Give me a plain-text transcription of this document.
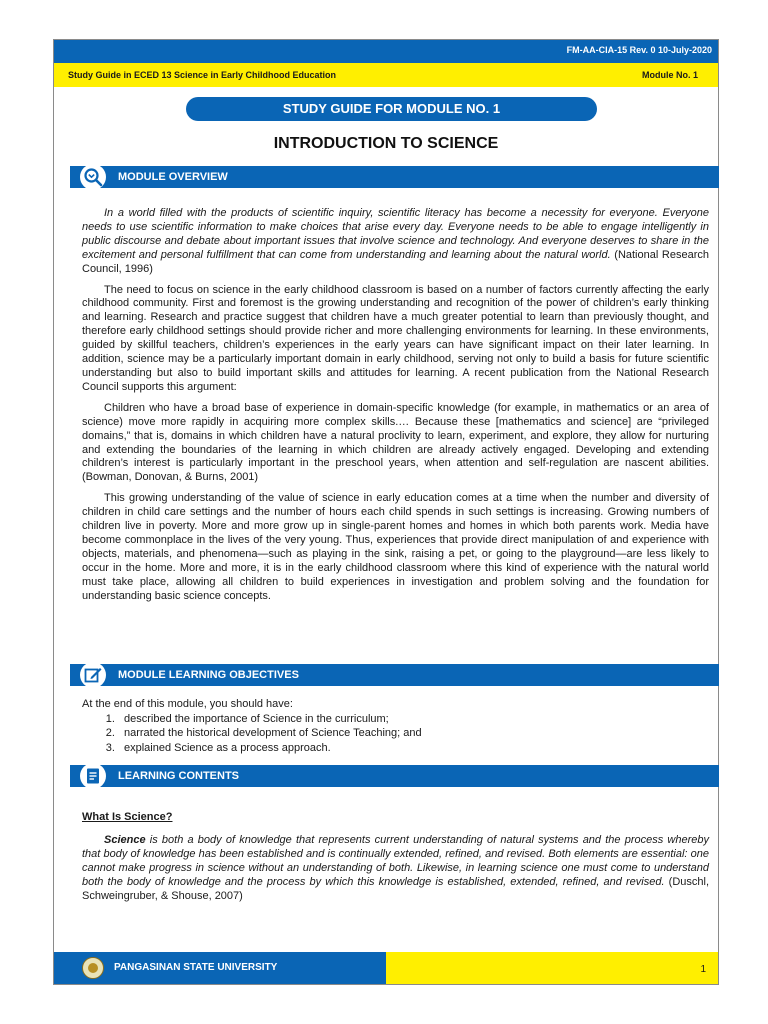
FM-AA-CIA-15 Rev. 0 10-July-2020
Study Guide in ECED 13 Science in Early Childhood Education	Module No. 1
STUDY GUIDE FOR MODULE NO. 1
INTRODUCTION TO SCIENCE
MODULE OVERVIEW

In a world filled with the products of scientific inquiry, scientific literacy has become a necessity for everyone. Everyone needs to use scientific information to make choices that arise every day. Everyone needs to be able to engage intelligently in public discourse and debate about important issues that involve science and technology. And everyone deserves to share in the excitement and personal fulfillment that can come from understanding and learning about the natural world. (National Research Council, 1996)

The need to focus on science in the early childhood classroom is based on a number of factors currently affecting the early childhood community. First and foremost is the growing understanding and recognition of the power of children’s early thinking and learning. Research and practice suggest that children have a much greater potential to learn than previously thought, and therefore early childhood settings should provide richer and more challenging environments for learning. In these environments, guided by skillful teachers, children’s experiences in the early years can have significant impact on their later learning. In addition, science may be a particularly important domain in early childhood, serving not only to build a basis for future scientific understanding but also to build important skills and attitudes for learning. A recent publication from the National Research Council supports this argument:

Children who have a broad base of experience in domain-specific knowledge (for example, in mathematics or an area of science) move more rapidly in acquiring more complex skills.… Because these [mathematics and science] are “privileged domains,” that is, domains in which children have a natural proclivity to learn, experiment, and explore, they allow for nurturing and extending the boundaries of the learning in which children are already actively engaged. Developing and extending children’s interest is particularly important in the preschool years, when attention and self-regulation are nascent abilities. (Bowman, Donovan, & Burns, 2001)

This growing understanding of the value of science in early education comes at a time when the number and diversity of children in child care settings and the number of hours each child spends in such settings is increasing. Growing numbers of children live in poverty. More and more grow up in single-parent homes and homes in which both parents work. Media have become commonplace in the lives of the very young. Thus, experiences that provide direct manipulation of and experience with objects, materials, and phenomena—such as playing in the sink, raising a pet, or going to the playground—are less likely to occur in the home. More and more, it is in the early childhood classroom where this kind of experience with the natural world must take place, allowing all children to build experiences in investigation and problem solving and the foundation for understanding basic science concepts.

MODULE LEARNING OBJECTIVES
At the end of this module, you should have:
1. described the importance of Science in the curriculum;
2. narrated the historical development of Science Teaching; and
3. explained Science as a process approach.
LEARNING CONTENTS
What Is Science?

Science is both a body of knowledge that represents current understanding of natural systems and the process whereby that body of knowledge has been established and is continually extended, refined, and revised. Both elements are essential: one cannot make progress in science without an understanding of both. Likewise, in learning science one must come to understand both the body of knowledge and the process by which this knowledge is established, extended, refined, and revised. (Duschl, Schweingruber, & Shouse, 2007)

PANGASINAN STATE UNIVERSITY	1
